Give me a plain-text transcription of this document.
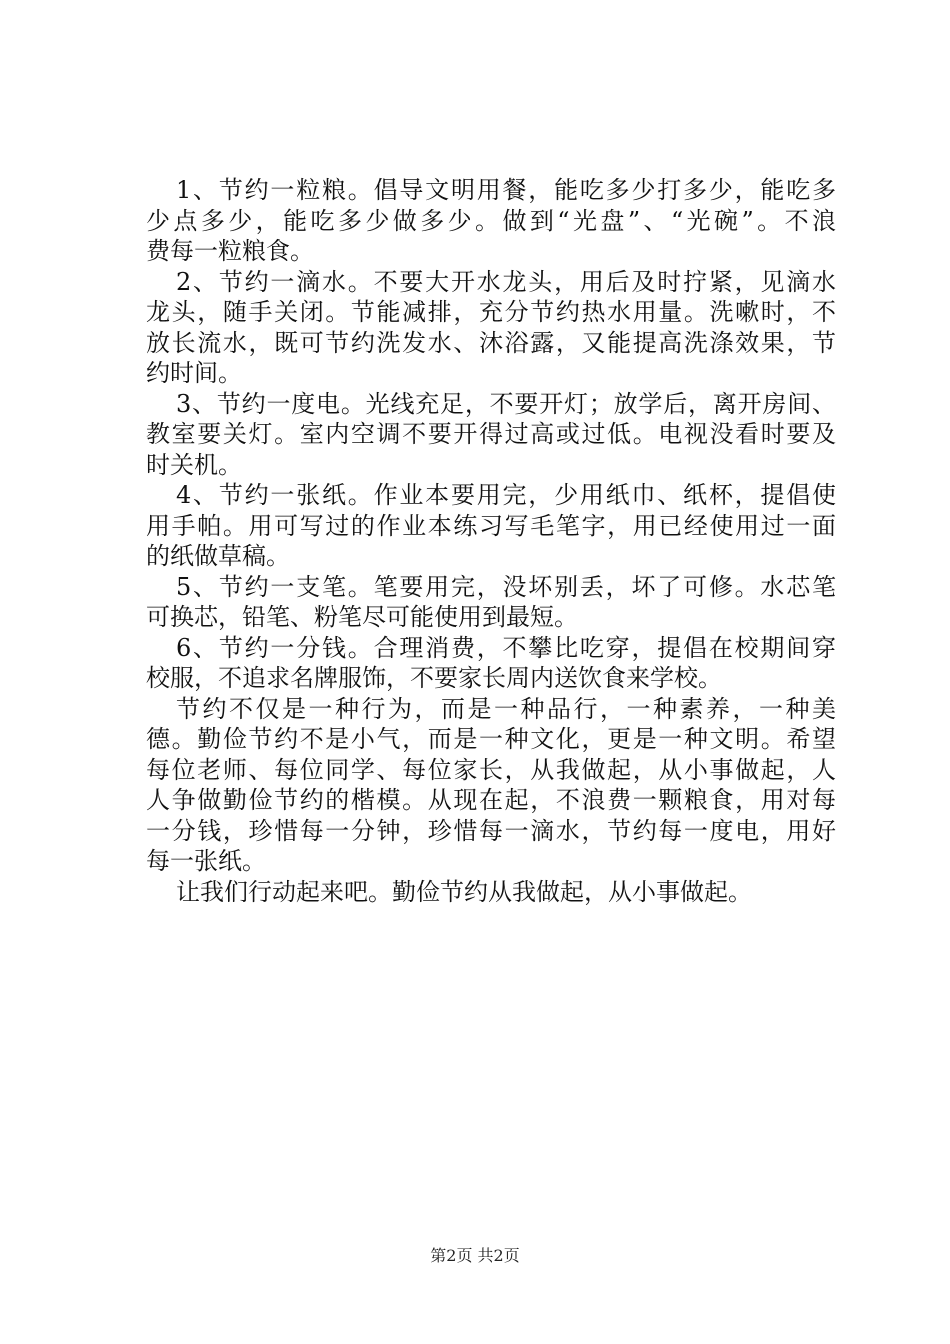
1、节约一粒粮。倡导文明用餐，能吃多少打多少，能吃多
少点多少，能吃多少做多少。做到“光盘”、“光碗”。不浪
费每一粒粮食。
2、节约一滴水。不要大开水龙头，用后及时拧紧，见滴水
龙头，随手关闭。节能减排，充分节约热水用量。洗嗽时，不
放长流水，既可节约洗发水、沐浴露，又能提高洗涤效果，节
约时间。
3、节约一度电。光线充足，不要开灯；放学后，离开房间、
教室要关灯。室内空调不要开得过高或过低。电视没看时要及
时关机。
4、节约一张纸。作业本要用完，少用纸巾、纸杯，提倡使
用手帕。用可写过的作业本练习写毛笔字，用已经使用过一面
的纸做草稿。
5、节约一支笔。笔要用完，没坏别丢，坏了可修。水芯笔
可换芯，铅笔、粉笔尽可能使用到最短。
6、节约一分钱。合理消费，不攀比吃穿，提倡在校期间穿
校服，不追求名牌服饰，不要家长周内送饮食来学校。
节约不仅是一种行为，而是一种品行，一种素养，一种美
德。勤俭节约不是小气，而是一种文化，更是一种文明。希望
每位老师、每位同学、每位家长，从我做起，从小事做起，人
人争做勤俭节约的楷模。从现在起，不浪费一颗粮食，用对每
一分钱，珍惜每一分钟，珍惜每一滴水，节约每一度电，用好
每一张纸。
让我们行动起来吧。勤俭节约从我做起，从小事做起。
第2页 共2页
